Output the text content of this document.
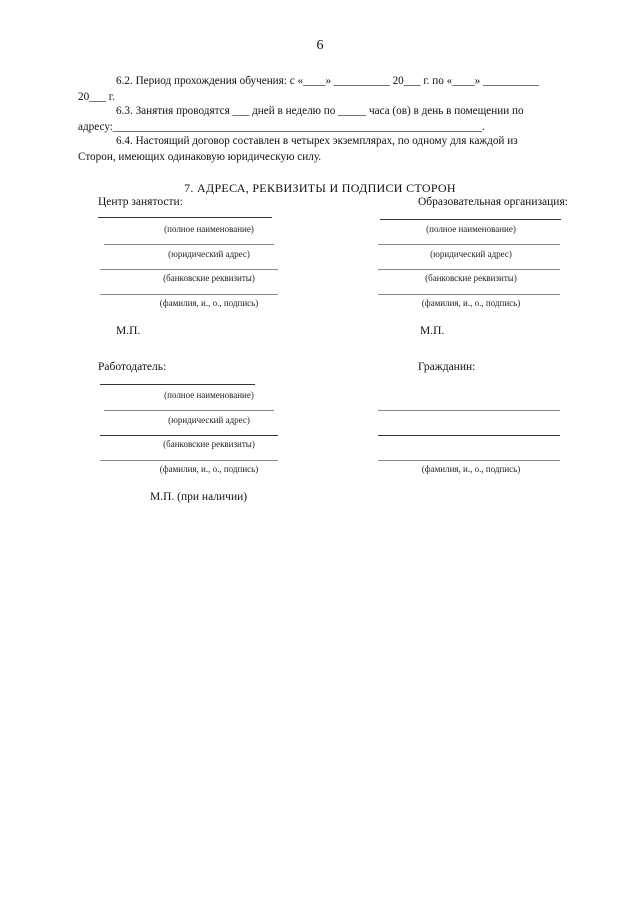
6
6.2. Период прохождения обучения: с «____» __________ 20___ г. по «____» __________
20___ г.
6.3. Занятия проводятся ___ дней в неделю по _____ часа (ов) в день в помещении по
адресу:__________________________________________________________________.
6.4. Настоящий договор составлен в четырех экземплярах, по одному для каждой из
Сторон, имеющих одинаковую юридическую силу.
7. АДРЕСА, РЕКВИЗИТЫ И ПОДПИСИ СТОРОН
Центр занятости:
(полное наименование)
(юридический адрес)
(банковские реквизиты)
(фамилия, и., о., подпись)
М.П.
Образовательная организация:
(полное наименование)
(юридический адрес)
(банковские реквизиты)
(фамилия, и., о., подпись)
М.П.
Работодатель:
(полное наименование)
(юридический адрес)
(банковские реквизиты)
(фамилия, и., о., подпись)
М.П. (при наличии)
Гражданин:
(фамилия, и., о., подпись)
